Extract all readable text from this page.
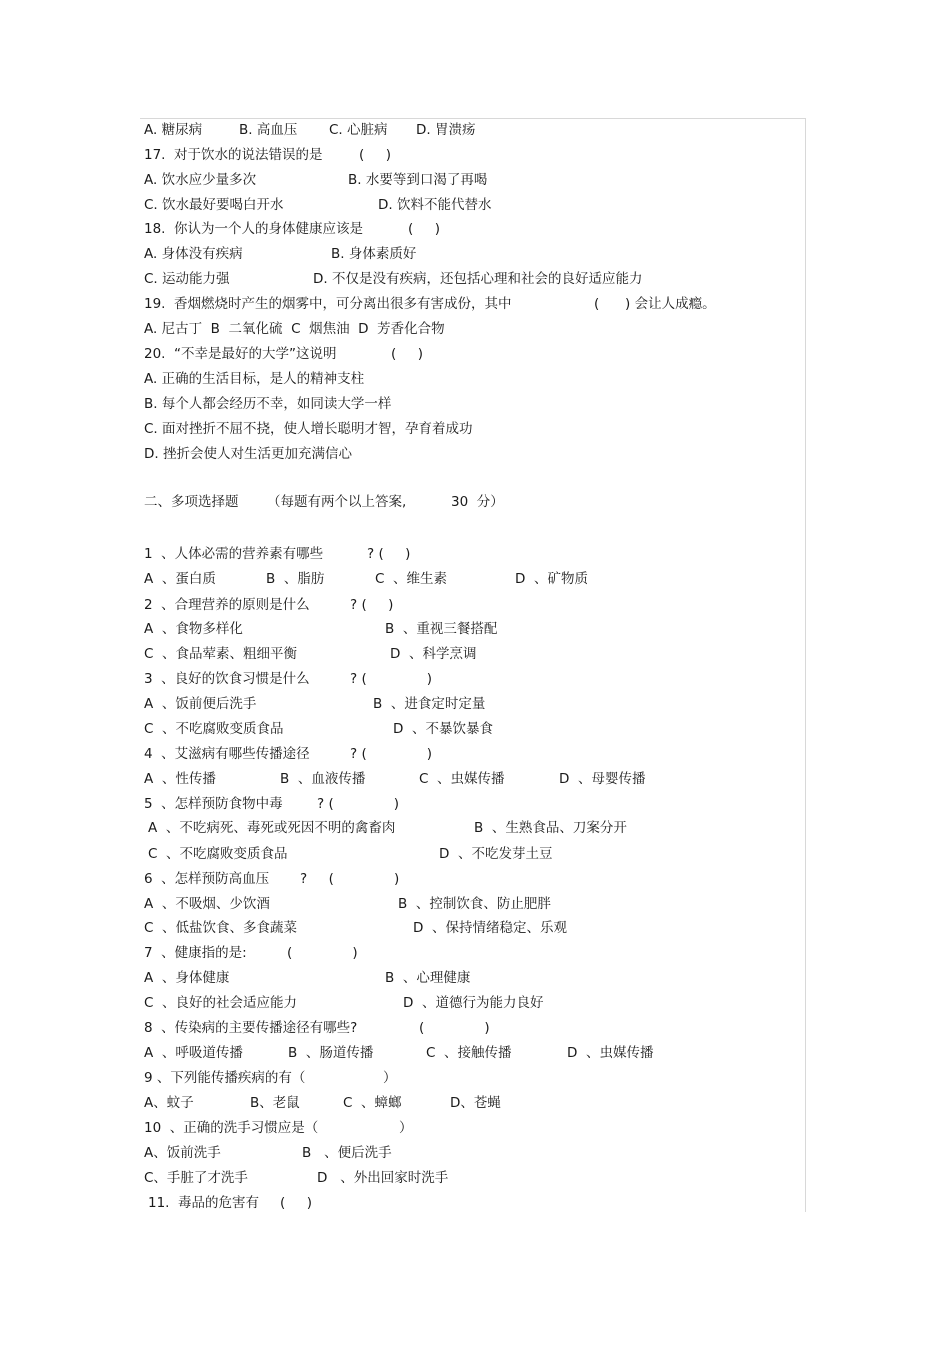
A. 糖尿病

	B. 高血压

C. 心脏病

D. 胃溃疡

17.  对于饮水的说法错误的是

	(     )

A. 饮水应少量多次

	B. 水要等到口渴了再喝

C. 饮水最好要喝白开水

	D. 饮料不能代替水

18.  你认为一个人的身体健康应该是

	(     )

A. 身体没有疾病

	B. 身体素质好

C. 运动能力强

	D. 不仅是没有疾病，还包括心理和社会的良好适应能力

19.  香烟燃烧时产生的烟雾中，可分离出很多有害成份，其中

	(      ) 会让人成瘾。

A. 尼古丁  B  二氧化硫  C  烟焦油  D  芳香化合物

20.  “不幸是最好的大学”这说明

	(     )

A. 正确的生活目标，是人的精神支柱
B. 每个人都会经历不幸，如同读大学一样
C. 面对挫折不屈不挠，使人增长聪明才智，孕育着成功
D. 挫折会使人对生活更加充满信心

二、多项选择题

（每题有两个以上答案,

	30  分）

1  、人体必需的营养素有哪些

	? (     )

A  、蛋白质

	B  、脂肪

	C  、维生素

	D  、矿物质

2  、合理营养的原则是什么

	? (     )

A  、食物多样化

	B  、重视三餐搭配

C  、食品荤素、粗细平衡

	D  、科学烹调

3  、良好的饮食习惯是什么

	? (              )

A  、饭前便后洗手

	B  、进食定时定量

C  、不吃腐败变质食品

	D  、不暴饮暴食

4  、艾滋病有哪些传播途径

	? (              )

A  、性传播

	B  、血液传播

	C  、虫媒传播

	D  、母婴传播

5  、怎样预防食物中毒

	? (              )

A  、不吃病死、毒死或死因不明的禽畜肉

	B  、生熟食品、刀案分开

C  、不吃腐败变质食品

	D  、不吃发芽土豆

6  、怎样预防高血压

?     (              )

A  、不吸烟、少饮酒

	B  、控制饮食、防止肥胖

C  、低盐饮食、多食蔬菜

	D  、保持情绪稳定、乐观

7  、健康指的是:

	(              )

A  、身体健康

	B  、心理健康

C  、良好的社会适应能力

	D  、道德行为能力良好

8  、传染病的主要传播途径有哪些?

	(              )

A  、呼吸道传播

	B  、肠道传播

	C  、接触传播

	D  、虫媒传播

9 、下列能传播疾病的有（

	）

A、蚊子

	B、老鼠

	C  、蟑螂

	D、苍蝇

10  、正确的洗手习惯应是（

	）

A、饭前洗手

	B   、便后洗手

C、手脏了才洗手

	D   、外出回家时洗手

11.  毒品的危害有

(     )
